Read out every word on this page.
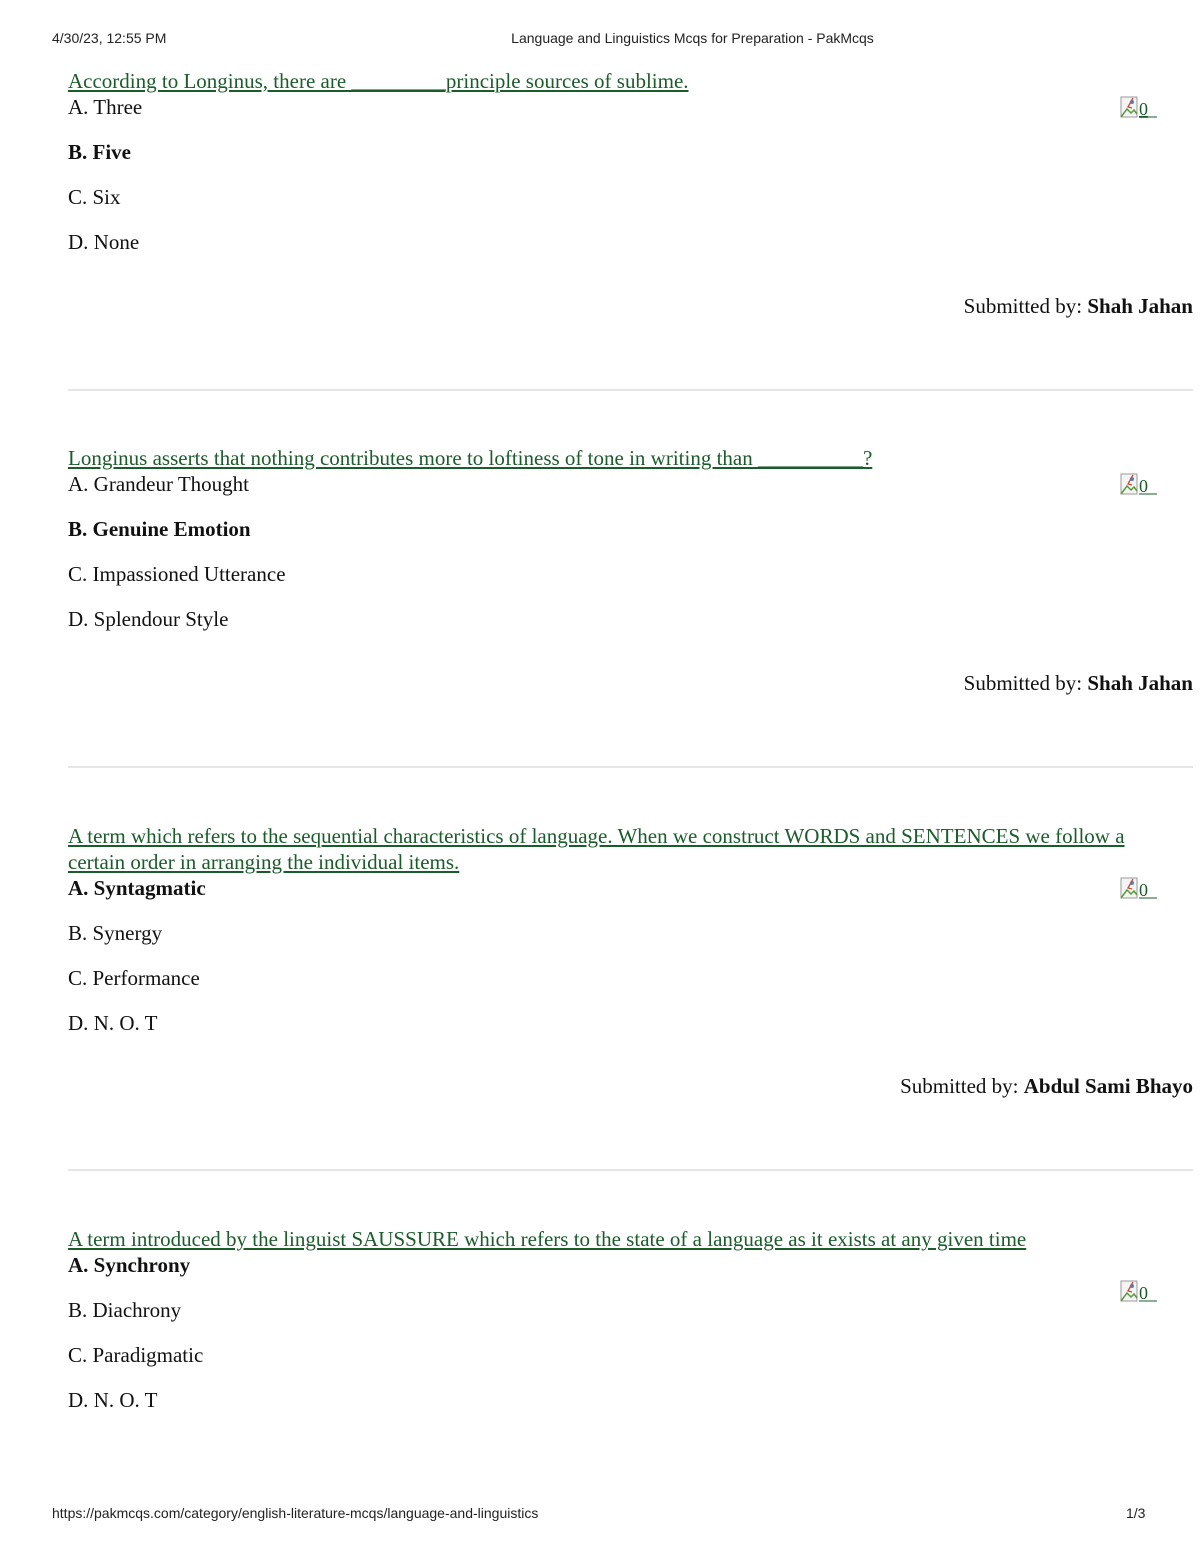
4/30/23, 12:55 PM	Language and Linguistics Mcqs for Preparation - PakMcqs
According to Longinus, there are _________principle sources of sublime.
A. Three
B. Five
C. Six
D. None
0
Submitted by: Shah Jahan
Longinus asserts that nothing contributes more to loftiness of tone in writing than __________?
A. Grandeur Thought
B. Genuine Emotion
C. Impassioned Utterance
D. Splendour Style
0
Submitted by: Shah Jahan
A term which refers to the sequential characteristics of language. When we construct WORDS and SENTENCES we follow a certain order in arranging the individual items.
A. Syntagmatic
B. Synergy
C. Performance
D. N. O. T
0
Submitted by: Abdul Sami Bhayo
A term introduced by the linguist SAUSSURE which refers to the state of a language as it exists at any given time
A. Synchrony
B. Diachrony
C. Paradigmatic
D. N. O. T
0
https://pakmcqs.com/category/english-literature-mcqs/language-and-linguistics	1/3
